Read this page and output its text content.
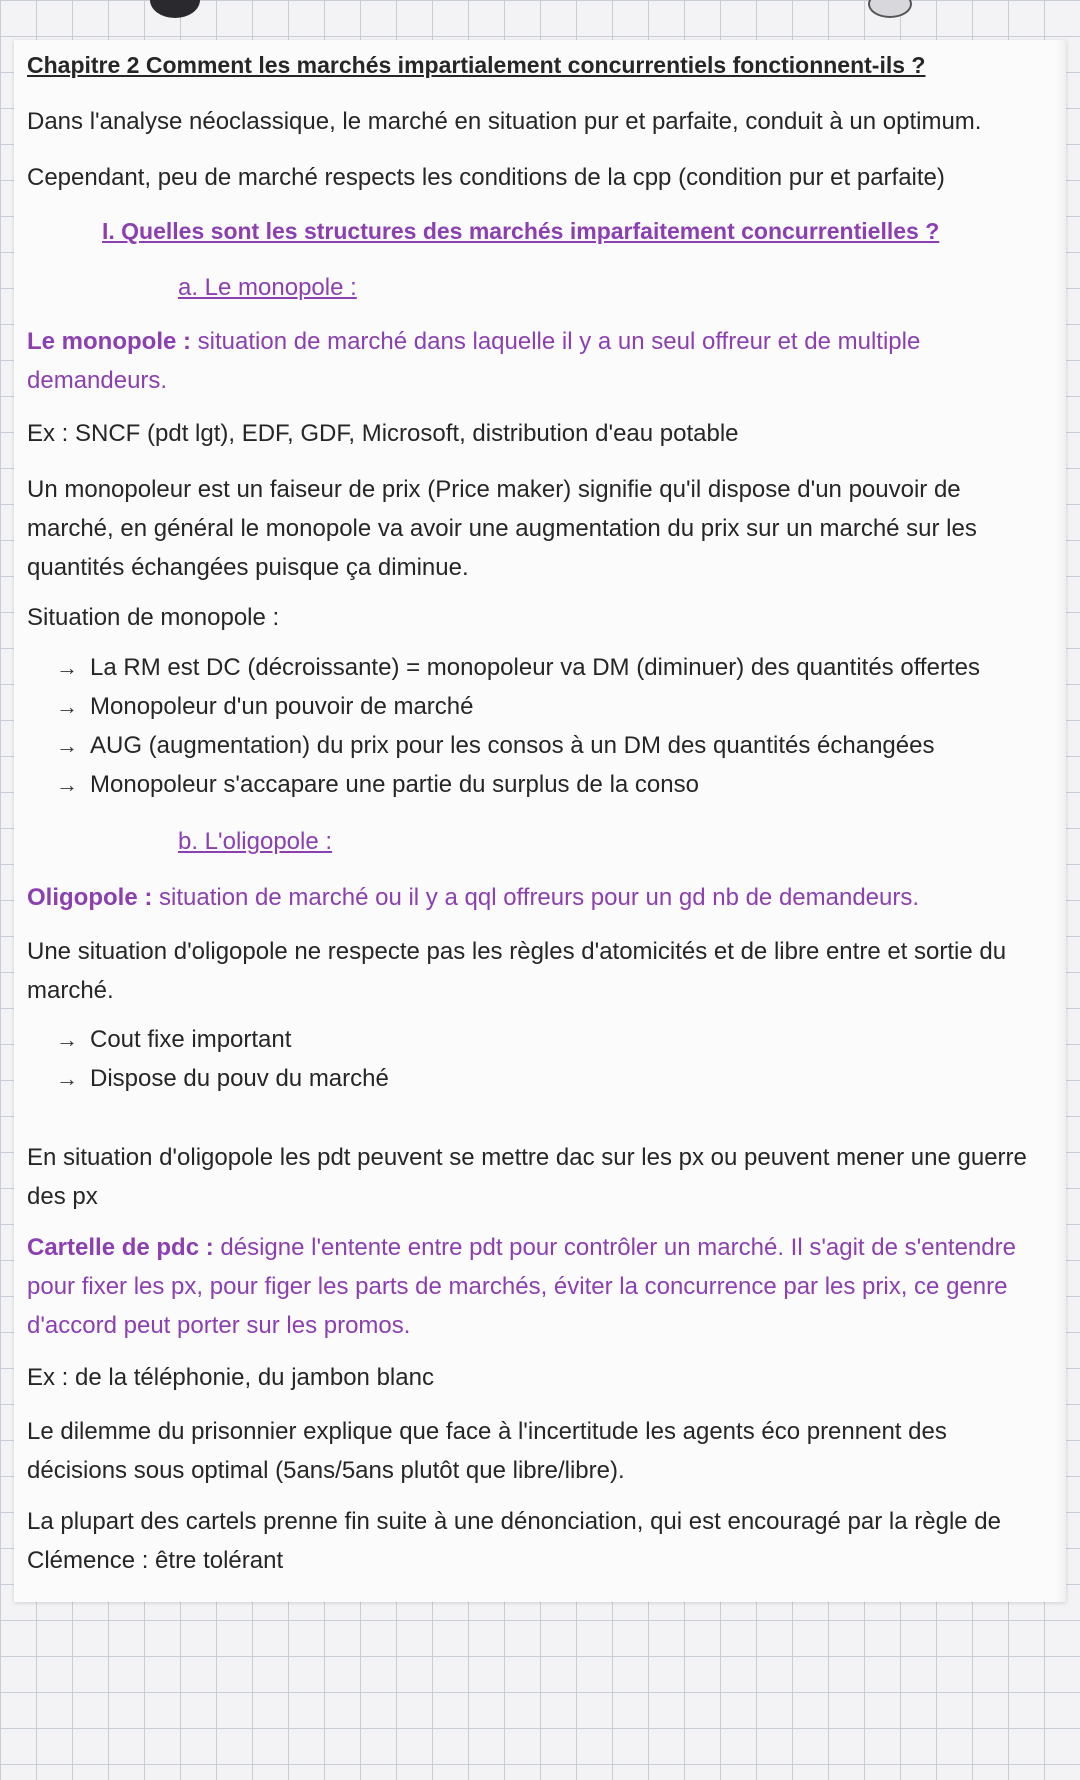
Chapitre 2 Comment les marchés impartialement concurrentiels fonctionnent-ils ?

Dans l'analyse néoclassique, le marché en situation pur et parfaite, conduit à un optimum.

Cependant, peu de marché respects les conditions de la cpp (condition pur et parfaite)

I. Quelles sont les structures des marchés imparfaitement concurrentielles ?

a. Le monopole :

Le monopole : situation de marché dans laquelle il y a un seul offreur et de multiple demandeurs.

Ex : SNCF (pdt lgt), EDF, GDF, Microsoft, distribution d'eau potable

Un monopoleur est un faiseur de prix (Price maker) signifie qu'il dispose d'un pouvoir de marché, en général le monopole va avoir une augmentation du prix sur un marché sur les quantités échangées puisque ça diminue.

Situation de monopole :

→ La RM est DC (décroissante) = monopoleur va DM (diminuer) des quantités offertes
→ Monopoleur d'un pouvoir de marché
→ AUG (augmentation) du prix pour les consos à un DM des quantités échangées
→ Monopoleur s'accapare une partie du surplus de la conso

b. L'oligopole :

Oligopole : situation de marché ou il y a qql offreurs pour un gd nb de demandeurs.

Une situation d'oligopole ne respecte pas les règles d'atomicités et de libre entre et sortie du marché.

→ Cout fixe important
→ Dispose du pouv du marché

En situation d'oligopole les pdt peuvent se mettre dac sur les px ou peuvent mener une guerre des px

Cartelle de pdc : désigne l'entente entre pdt pour contrôler un marché. Il s'agit de s'entendre pour fixer les px, pour figer les parts de marchés, éviter la concurrence par les prix, ce genre d'accord peut porter sur les promos.

Ex : de la téléphonie, du jambon blanc

Le dilemme du prisonnier explique que face à l'incertitude les agents éco prennent des décisions sous optimal (5ans/5ans plutôt que libre/libre).

La plupart des cartels prenne fin suite à une dénonciation, qui est encouragé par la règle de Clémence : être tolérant
